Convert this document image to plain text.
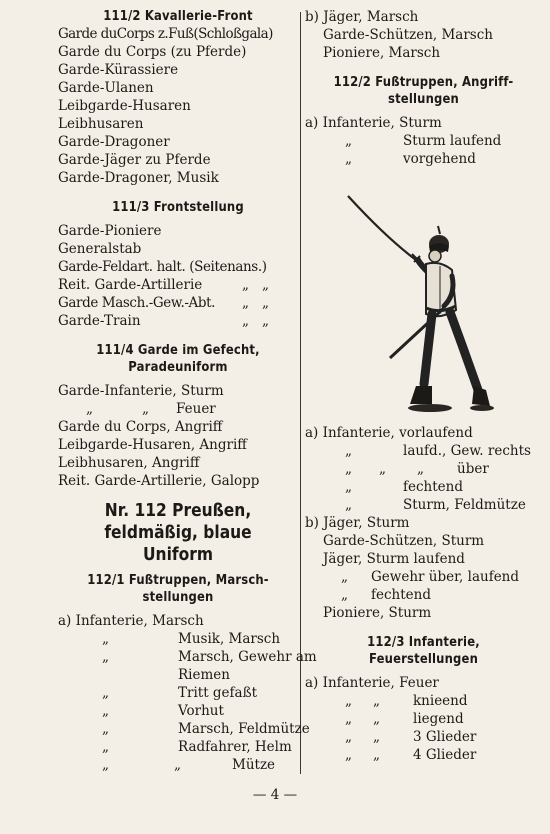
111/2 Kavallerie-Front

Garde duCorps z.Fuß(Schloßgala)

Garde du Corps (zu Pferde)

Garde-Kürassiere

Garde-Ulanen

Leibgarde-Husaren

Leibhusaren

Garde-Dragoner

Garde-Jäger zu Pferde

Garde-Dragoner, Musik

111/3 Frontstellung

Garde-Pioniere

Generalstab

Garde-Feldart. halt. (Seitenans.)

Reit. Garde-Artillerie	„ „
Garde Masch.-Gew.-Abt.	„ „
Garde-Train	„ „

111/4 Garde im Gefecht,

Paradeuniform

Garde-Infanterie, Sturm

„	„	Feuer

Garde du Corps, Angriff

Leibgarde-Husaren, Angriff

Leibhusaren, Angriff

Reit. Garde-Artillerie, Galopp

Nr. 112 Preußen,

feldmäßig, blaue Uniform

112/1 Fußtruppen, Marsch-

stellungen

a) Infanterie, Marsch

„	Musik, Marsch
„	Marsch, Gewehr am
Riemen
„	Tritt gefaßt
„	Vorhut
„	Marsch, Feldmütze
„	Radfahrer, Helm
„	„	Mütze

b) Jäger, Marsch

Garde-Schützen, Marsch

Pioniere, Marsch

112/2 Fußtruppen, Angriff-

stellungen

a) Infanterie, Sturm

„	Sturm laufend
„	vorgehend

a) Infanterie, vorlaufend

„	laufd., Gew. rechts
„	„	„	über
„	fechtend
„	Sturm, Feldmütze

b) Jäger, Sturm

Garde-Schützen, Sturm

Jäger, Sturm laufend

„	Gewehr über, laufend
„	fechtend

Pioniere, Sturm

112/3 Infanterie,

Feuerstellungen

a) Infanterie, Feuer

„	„	knieend
„	„	liegend
„	„	3 Glieder
„	„	4 Glieder
— 4 —
